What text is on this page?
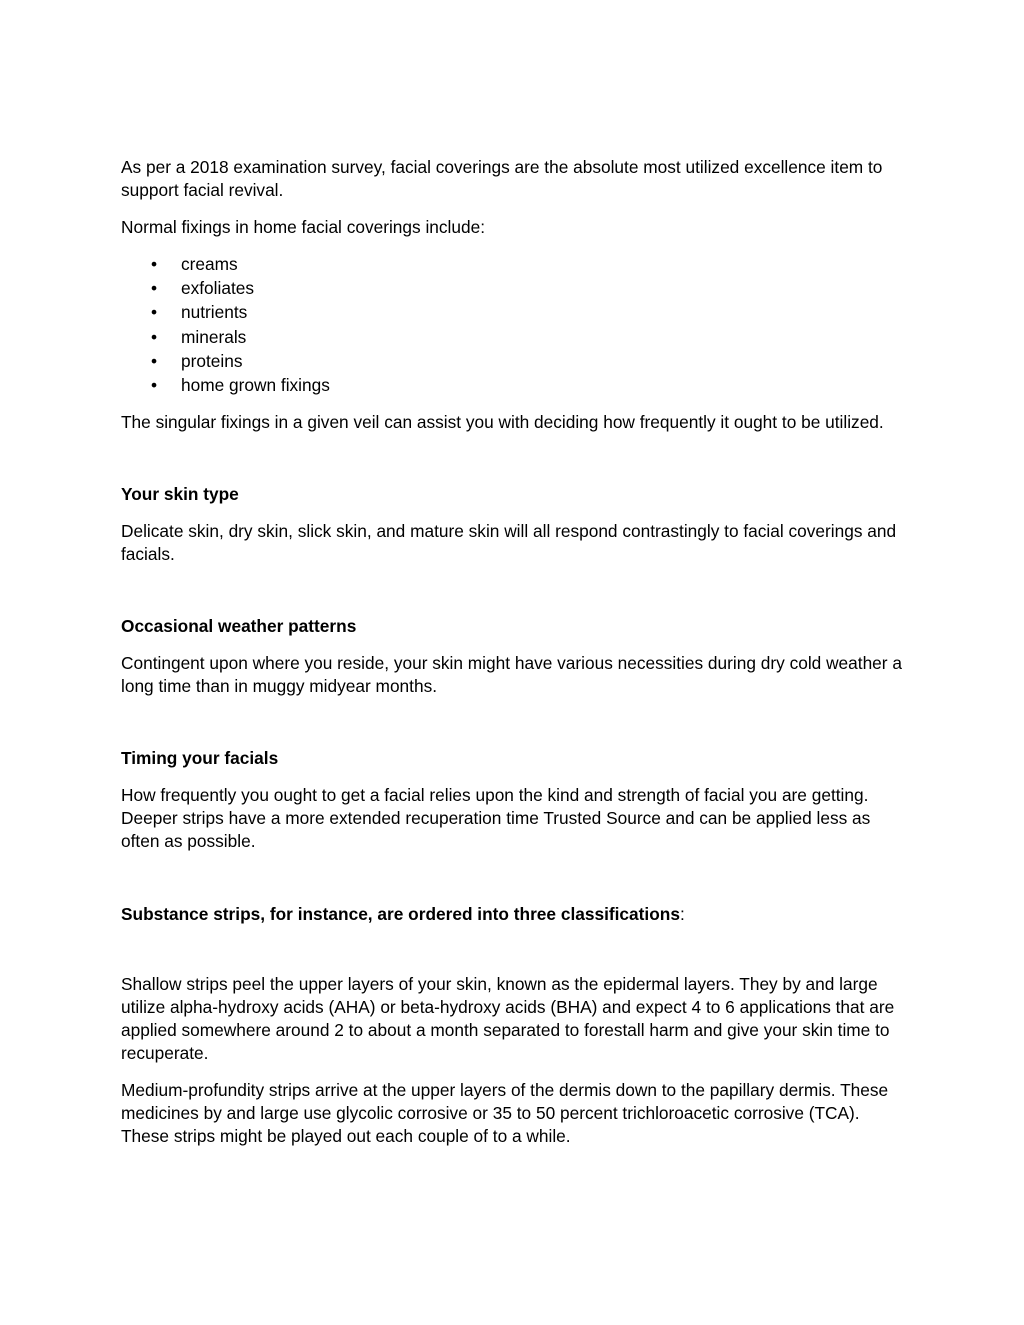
As per a 2018 examination survey, facial coverings are the absolute most utilized excellence item to support facial revival.

Normal fixings in home facial coverings include:

• creams
• exfoliates
• nutrients
• minerals
• proteins
• home grown fixings

The singular fixings in a given veil can assist you with deciding how frequently it ought to be utilized.

Your skin type

Delicate skin, dry skin, slick skin, and mature skin will all respond contrastingly to facial coverings and facials.

Occasional weather patterns

Contingent upon where you reside, your skin might have various necessities during dry cold weather a long time than in muggy midyear months.

Timing your facials

How frequently you ought to get a facial relies upon the kind and strength of facial you are getting. Deeper strips have a more extended recuperation time Trusted Source and can be applied less as often as possible.

Substance strips, for instance, are ordered into three classifications:

Shallow strips peel the upper layers of your skin, known as the epidermal layers. They by and large utilize alpha-hydroxy acids (AHA) or beta-hydroxy acids (BHA) and expect 4 to 6 applications that are applied somewhere around 2 to about a month separated to forestall harm and give your skin time to recuperate.

Medium-profundity strips arrive at the upper layers of the dermis down to the papillary dermis. These medicines by and large use glycolic corrosive or 35 to 50 percent trichloroacetic corrosive (TCA). These strips might be played out each couple of to a while.
